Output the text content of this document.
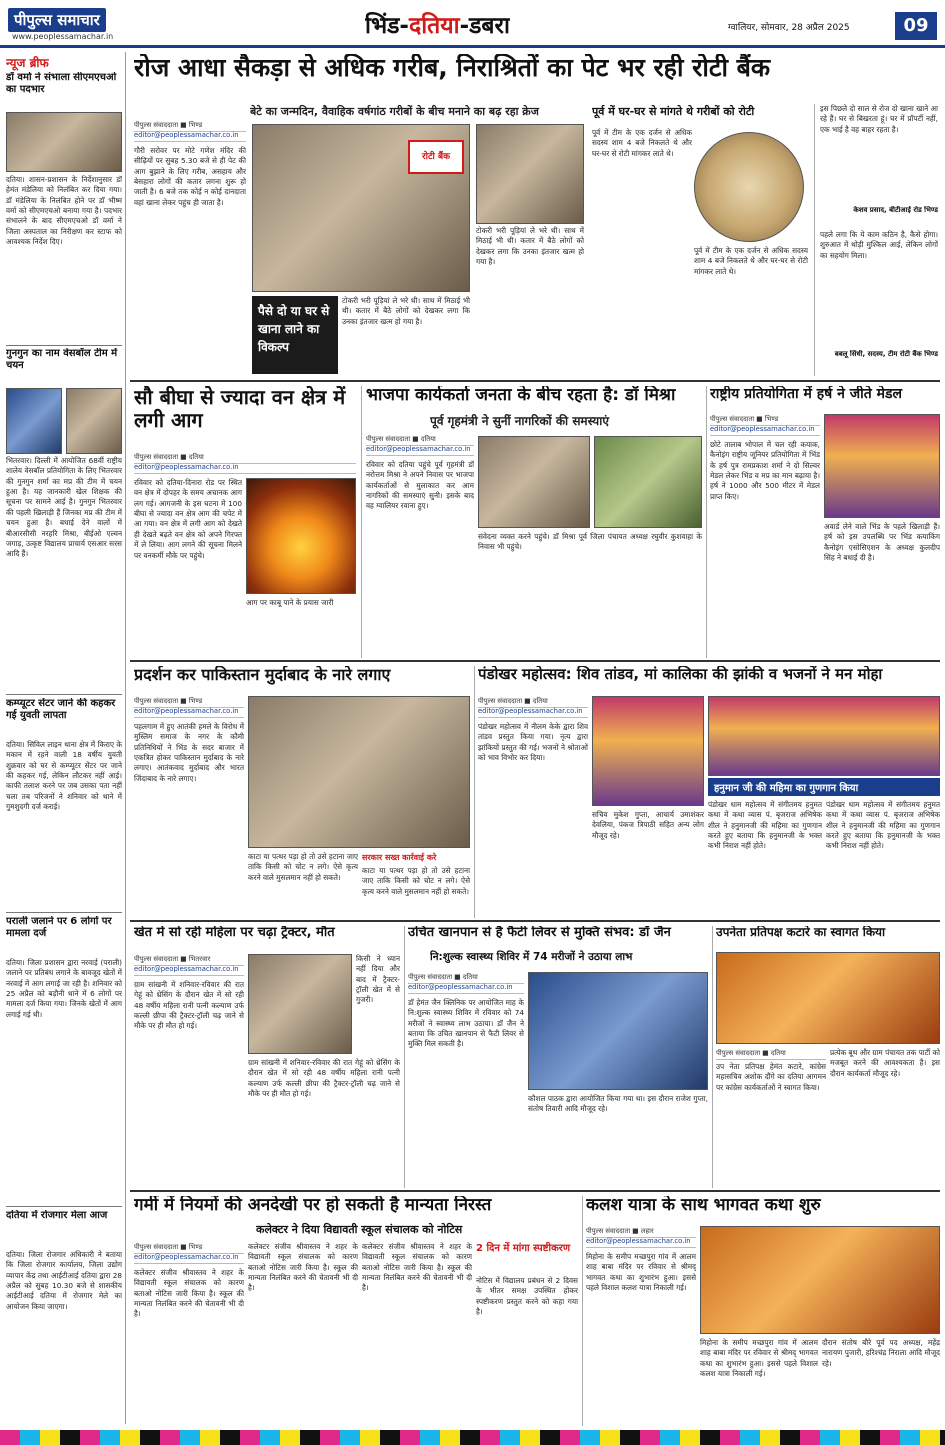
पीपुल्स समाचार
www.peoplessamachar.in	भिंड-दतिया-डबरा	ग्वालियर, सोमवार, 28 अप्रैल 2025	09
न्यूज ब्रीफ
डॉ वर्मा ने संभाला सीएमएचओ का पदभार
दतिया। शासन-प्रशासन के निर्देशानुसार डॉ हेमंत मंडेलिया को निलंबित कर दिया गया। डॉ मंडेलिया के निलंबित होने पर डॉ भीष्म वर्मा को सीएमएचओ बनाया गया है। पदभार संभालने के बाद सीएमएचओ डॉ वर्मा ने जिला अस्पताल का निरीक्षण कर स्टाफ को आवश्यक निर्देश दिए।
गुनगुन का नाम वेसबॉल टीम में चयन
भितरवार। दिल्ली में आयोजित 68वीं राष्ट्रीय शालेय वेसबॉल प्रतियोगिता के लिए भितरवार की गुनगुन शर्मा का मप्र की टीम में चयन हुआ है। यह जानकारी खेल शिक्षक की सूचना पर सामने आई है। गुनगुन भितरवार की पहली खिलाड़ी हैं जिनका मप्र की टीम में चयन हुआ है। बधाई देने वालों में बीआरसीसी नरहरि मिश्रा, बीईओ एल्वन जगाड़, उत्कृष्ट विद्यालय प्राचार्य एसआर सरस आदि हैं।
कम्प्यूटर सेंटर जाने की कहकर गई युवती लापता
दतिया। सिविल लाइन थाना क्षेत्र में किराए के मकान में रहने वाली 18 वर्षीय युवती शुक्रवार को घर से कम्प्यूटर सेंटर पर जाने की कहकर गई, लेकिन लौटकर नहीं आई। काफी तलाश करने पर जब उसका पता नहीं चला तब परिजनों ने शनिवार को थाने में गुमशुदगी दर्ज कराई।
पराली जलाने पर 6 लोगों पर मामला दर्ज
दतिया। जिला प्रशासन द्वारा नरवाई (पराली) जलाने पर प्रतिबंध लगाने के बावजूद खेतों में नरवाई में आग लगाई जा रही है। शनिवार को 25 अप्रैल को बड़ौनी थाने में 6 लोगों पर मामला दर्ज किया गया। जिनके खेतों में आग लगाई गई थी।
दतिया में रोजगार मेला आज
दतिया। जिला रोजगार अधिकारी ने बताया कि जिला रोजगार कार्यालय, जिला उद्योग व्यापार केंद्र तथा आईटीआई दतिया द्वारा 28 अप्रैल को सुबह 10.30 बजे से शासकीय आईटीआई दतिया में रोजगार मेले का आयोजन किया जाएगा।
रोज आधा सैकड़ा से अधिक गरीब, निराश्रितों का पेट भर रही रोटी बैंक
बेटे का जन्मदिन, वैवाहिक वर्षगांठ गरीबों के बीच मनाने का बढ़ रहा क्रेज
पीपुल्स संवाददाता ■ भिण्ड
editor@peoplessamachar.co.in
गौरी सरोवर पर मोटे गणेश मंदिर की सीढ़ियों पर सुबह 5.30 बजे से ही पेट की आग बुझाने के लिए गरीब, असहाय और बेसहारा लोगों की कतार लगना शुरू हो जाती है। 6 बजे तक कोई न कोई दानदाता वहां खाना लेकर पहुंच ही जाता है।
रोटी बैंक
पैसे दो या घर से खाना लाने का विकल्प
टोकरी भरी पूड़ियां ले भरे थी। साथ में मिठाई भी थी। कतार में बैठे लोगों को देखकर लगा कि उनका इंतजार खत्म हो गया है।
टोकरी भरी पूड़ियां ले भरे थी। साथ में मिठाई भी थी। कतार में बैठे लोगों को देखकर लगा कि उनका इंतजार खत्म हो गया है।
पूर्व में घर-घर से मांगते थे गरीबों को रोटी
पूर्व में टीम के एक दर्जन से अधिक सदस्य शाम 4 बजे निकलते थे और घर-घर से रोटी मांगकर लाते थे।
पूर्व में टीम के एक दर्जन से अधिक सदस्य शाम 4 बजे निकलते थे और घर-घर से रोटी मांगकर लाते थे।
इस पिछले दो साल से रोज दो खाना खाने आ रहे हैं। घर से बिखरता हूं। घर में प्रॉपर्टी नहीं, एक भाई है वह बाहर रहता है।
केशव प्रसाद, बीटीआई रोड भिण्ड
पहले लगा कि ये काम कठिन है, कैसे होगा। शुरुआत में थोड़ी मुश्किल आई, लेकिन लोगों का सहयोग मिला।
बबलू सिंधी, सदस्य, टीम रोटी बैंक भिण्ड
सौ बीघा से ज्यादा वन क्षेत्र में लगी आग
पीपुल्स संवाददाता ■ दतिया
editor@peoplessamachar.co.in
रविवार को दतिया-दिनारा रोड पर स्थित वन क्षेत्र में दोपहर के समय अचानक आग लग गई। आगजनी के इस घटना में 100 बीघा से ज्यादा वन क्षेत्र आग की चपेट में आ गया। वन क्षेत्र में लगी आग को देखते ही देखते बढ़ते वन क्षेत्र को अपने गिरफ्त में ले लिया। आग लगने की सूचना मिलने पर वनकर्मी मौके पर पहुंचे।
आग पर काबू पाने के प्रयास जारी
भाजपा कार्यकर्ता जनता के बीच रहता है: डॉ मिश्रा
पूर्व गृहमंत्री ने सुनीं नागरिकों की समस्याएं
पीपुल्स संवाददाता ■ दतिया
editor@peoplessamachar.co.in
रविवार को दतिया पहुंचे पूर्व गृहमंत्री डॉ नरोत्तम मिश्रा ने अपने निवास पर भाजपा कार्यकर्ताओं से मुलाकात कर आम नागरिकों की समस्याएं सुनी। इसके बाद वह ग्वालियर रवाना हुए।
संवेदना व्यक्त करने पहुंचे। डॉ मिश्रा पूर्व जिला पंचायत अध्यक्ष रघुवीर कुशवाहा के निवास भी पहुंचे।
राष्ट्रीय प्रतियोगिता में हर्ष ने जीते मेडल
पीपुल्स संवाददाता ■ भिण्ड
editor@peoplessamachar.co.in
छोटे तालाब भोपाल में चल रही कयाक, कैनोइंग राष्ट्रीय जूनियर प्रतियोगिता में भिंड के हर्ष पुत्र रामप्रकाश शर्मा ने दो सिल्वर मेडल लेकर भिंड व मप्र का मान बढ़ाया है। हर्ष ने 1000 और 500 मीटर में मेडल प्राप्त किए।
अवार्ड लेने वाले भिंड के पहले खिलाड़ी हैं। हर्ष को इस उपलब्धि पर भिंड कयाकिंग कैनोइंग एसोसिएशन के अध्यक्ष कुलदीप सिंह ने बधाई दी है।
प्रदर्शन कर पाकिस्तान मुर्दाबाद के नारे लगाए
पीपुल्स संवाददाता ■ भिण्ड
editor@peoplessamachar.co.in
पहलगाम में हुए आतंकी हमले के विरोध में मुस्लिम समाज के नगर के कौमी प्रतिनिधियों ने भिंड के सदर बाजार में एकत्रित होकर पाकिस्तान मुर्दाबाद के नारे लगाए। आतंकवाद मुर्दाबाद और भारत जिंदाबाद के नारे लगाए।
काटा या पत्थर पड़ा हो तो उसे हटाना जाए ताकि किसी को चोट न लगे। ऐसे कृत्य करने वाले मुसलमान नहीं हो सकते।
सरकार सख्त कार्रवाई करे
काटा या पत्थर पड़ा हो तो उसे हटाना जाए ताकि किसी को चोट न लगे। ऐसे कृत्य करने वाले मुसलमान नहीं हो सकते।
पंडोखर महोत्सव: शिव तांडव, मां कालिका की झांकी व भजनों ने मन मोहा
पीपुल्स संवाददाता ■ दतिया
editor@peoplessamachar.co.in
पंडोखर महोत्सव में नीलम केके द्वारा शिव तांडव प्रस्तुत किया गया। नृत्य द्वारा झांकियों प्रस्तुत की गई। भजनों ने श्रोताओं को भाव विभोर कर दिया।
सचिव मुकेश गुप्ता, आचार्य उमाशंकर देवलिया, पंकज त्रिपाठी सहित अन्य लोग मौजूद रहे।
हनुमान जी की महिमा का गुणगान किया
पंडोखर धाम महोत्सव में संगीतमय हनुमत कथा में कथा व्यास पं. बृजराज अभिषेक शील ने हनुमानजी की महिमा का गुणगान करते हुए बताया कि हनुमानजी के भक्त कभी निराश नहीं होते।
पंडोखर धाम महोत्सव में संगीतमय हनुमत कथा में कथा व्यास पं. बृजराज अभिषेक शील ने हनुमानजी की महिमा का गुणगान करते हुए बताया कि हनुमानजी के भक्त कभी निराश नहीं होते।
खेत में सो रही महिला पर चढ़ा ट्रैक्टर, मौत
पीपुल्स संवाददाता ■ भितरवार
editor@peoplessamachar.co.in
ग्राम सांखनी में शनिवार-रविवार की रात गेहूं को थ्रेसिंग के दौरान खेत में सो रही 48 वर्षीय महिला रानी पत्नी कल्याण उर्फ कल्ली छीपा की ट्रैक्टर-ट्रॉली चढ़ जाने से मौके पर ही मौत हो गई।
किसी ने ध्यान नहीं दिया और बाद में ट्रैक्टर-ट्रॉली खेत में से गुजरी।
ग्राम सांखनी में शनिवार-रविवार की रात गेहूं को थ्रेसिंग के दौरान खेत में सो रही 48 वर्षीय महिला रानी पत्नी कल्याण उर्फ कल्ली छीपा की ट्रैक्टर-ट्रॉली चढ़ जाने से मौके पर ही मौत हो गई।
उचित खानपान से है फैटी लिवर से मुक्ति संभव: डॉ जैन
नि:शुल्क स्वास्थ्य शिविर में 74 मरीजों ने उठाया लाभ
पीपुल्स संवाददाता ■ दतिया
editor@peoplessamachar.co.in
डॉ हेमंत जैन क्लिनिक पर आयोजित माह के नि:शुल्क स्वास्थ्य शिविर में रविवार को 74 मरीजों ने स्वास्थ्य लाभ उठाया। डॉ जैन ने बताया कि उचित खानपान से फैटी लिवर से मुक्ति मिल सकती है।
कौशल पाठक द्वारा आयोजित किया गया था। इस दौरान राजेश गुप्ता, संतोष तिवारी आदि मौजूद रहे।
उपनेता प्रतिपक्ष कटारे का स्वागत किया
पीपुल्स संवाददाता ■ दतिया
उप नेता प्रतिपक्ष हेमंत कटारे, कांग्रेस महासचिव अशोक दौंगे का दतिया आगमन पर कांग्रेस कार्यकर्ताओं ने स्वागत किया।
प्रत्येक बूथ और ग्राम पंचायत तक पार्टी को मजबूत करने की आवश्यकता है। इस दौरान कार्यकर्ता मौजूद रहे।
गर्मी में नियमों की अनदेखी पर हो सकती है मान्यता निरस्त
कलेक्टर ने दिया विद्यावती स्कूल संचालक को नोटिस
पीपुल्स संवाददाता ■ भिण्ड
editor@peoplessamachar.co.in
कलेक्टर संजीव श्रीवास्तव ने शहर के विद्यावती स्कूल संचालक को कारण बताओ नोटिस जारी किया है। स्कूल की मान्यता निलंबित करने की चेतावनी भी दी है।
कलेक्टर संजीव श्रीवास्तव ने शहर के विद्यावती स्कूल संचालक को कारण बताओ नोटिस जारी किया है। स्कूल की मान्यता निलंबित करने की चेतावनी भी दी है।
कलेक्टर संजीव श्रीवास्तव ने शहर के विद्यावती स्कूल संचालक को कारण बताओ नोटिस जारी किया है। स्कूल की मान्यता निलंबित करने की चेतावनी भी दी है।
2 दिन में मांगा स्पष्टीकरण
नोटिस में विद्यालय प्रबंधन से 2 दिवस के भीतर समक्ष उपस्थित होकर स्पष्टीकरण प्रस्तुत करने को कहा गया है।
कलश यात्रा के साथ भागवत कथा शुरु
पीपुल्स संवाददाता ■ लहार
editor@peoplessamachar.co.in
मिहोना के समीप मच्छपुरा गांव में आलम शाह बाबा मंदिर पर रविवार से श्रीमद् भागवत कथा का शुभारंभ हुआ। इससे पहले विशाल कलश यात्रा निकाली गई।
मिहोना के समीप मच्छपुरा गांव में आलम शाह बाबा मंदिर पर रविवार से श्रीमद् भागवत कथा का शुभारंभ हुआ। इससे पहले विशाल कलश यात्रा निकाली गई।
दौरान संतोष बौरे पूर्व पद अध्यक्ष, महेंद्र नारायण पुजारी, हरिश्चंद्र निराला आदि मौजूद रहे।
